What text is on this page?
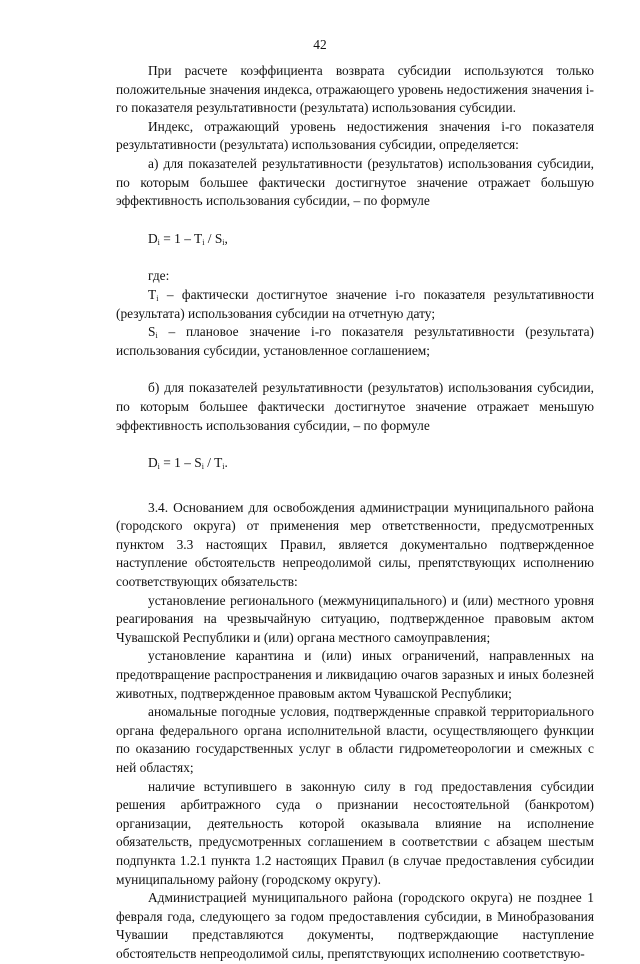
42

При расчете коэффициента возврата субсидии используются только положительные значения индекса, отражающего уровень недостижения значения i-го показателя результативности (результата) использования субсидии.

Индекс, отражающий уровень недостижения значения i-го показателя результативности (результата) использования субсидии, определяется:

а) для показателей результативности (результатов) использования субсидии, по которым большее фактически достигнутое значение отражает большую эффективность использования субсидии, – по формуле

$D_i = 1 - T_i / S_i$,

где:

$T_i$ – фактически достигнутое значение i-го показателя результативности (результата) использования субсидии на отчетную дату;

$S_i$ – плановое значение i-го показателя результативности (результата) использования субсидии, установленное соглашением;

б) для показателей результативности (результатов) использования субсидии, по которым большее фактически достигнутое значение отражает меньшую эффективность использования субсидии, – по формуле

$D_i = 1 - S_i / T_i$.

3.4. Основанием для освобождения администрации муниципального района (городского округа) от применения мер ответственности, предусмотренных пунктом 3.3 настоящих Правил, является документально подтвержденное наступление обстоятельств непреодолимой силы, препятствующих исполнению соответствующих обязательств:

установление регионального (межмуниципального) и (или) местного уровня реагирования на чрезвычайную ситуацию, подтвержденное правовым актом Чувашской Республики и (или) органа местного самоуправления;

установление карантина и (или) иных ограничений, направленных на предотвращение распространения и ликвидацию очагов заразных и иных болезней животных, подтвержденное правовым актом Чувашской Республики;

аномальные погодные условия, подтвержденные справкой территориального органа федерального органа исполнительной власти, осуществляющего функции по оказанию государственных услуг в области гидрометеорологии и смежных с ней областях;

наличие вступившего в законную силу в год предоставления субсидии решения арбитражного суда о признании несостоятельной (банкротом) организации, деятельность которой оказывала влияние на исполнение обязательств, предусмотренных соглашением в соответствии с абзацем шестым подпункта 1.2.1 пункта 1.2 настоящих Правил (в случае предоставления субсидии муниципальному району (городскому округу).

Администрацией муниципального района (городского округа) не позднее 1 февраля года, следующего за годом предоставления субсидии, в Минобразования Чувашии представляются документы, подтверждающие наступление обстоятельств непреодолимой силы, препятствующих исполнению соответствую-
